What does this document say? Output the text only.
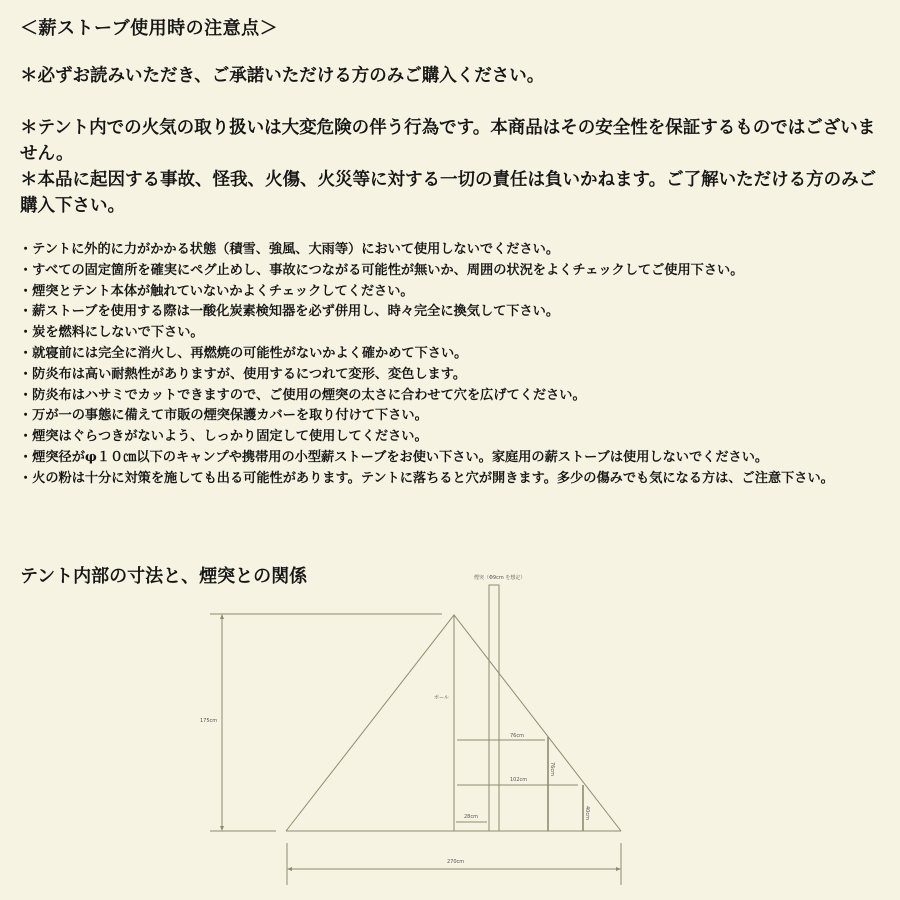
＜薪ストーブ使用時の注意点＞
＊必ずお読みいただき、ご承諾いただける方のみご購入ください。
＊テント内での火気の取り扱いは大変危険の伴う行為です。本商品はその安全性を保証するものではございません。
＊本品に起因する事故、怪我、火傷、火災等に対する一切の責任は負いかねます。ご了解いただける方のみご購入下さい。
・テントに外的に力がかかる状態（積雪、強風、大雨等）において使用しないでください。
・すべての固定箇所を確実にペグ止めし、事故につながる可能性が無いか、周囲の状況をよくチェックしてご使用下さい。
・煙突とテント本体が触れていないかよくチェックしてください。
・薪ストーブを使用する際は一酸化炭素検知器を必ず併用し、時々完全に換気して下さい。
・炭を燃料にしないで下さい。
・就寝前には完全に消火し、再燃焼の可能性がないかよく確かめて下さい。
・防炎布は高い耐熱性がありますが、使用するにつれて変形、変色します。
・防炎布はハサミでカットできますので、ご使用の煙突の太さに合わせて穴を広げてください。
・万が一の事態に備えて市販の煙突保護カバーを取り付けて下さい。
・煙突はぐらつきがないよう、しっかり固定して使用してください。
・煙突径がφ１０㎝以下のキャンプや携帯用の小型薪ストーブをお使い下さい。家庭用の薪ストーブは使用しないでください。
・火の粉は十分に対策を施しても出る可能性があります。テントに落ちると穴が開きます。多少の傷みでも気になる方は、ご注意下さい。
テント内部の寸法と、煙突との関係	煙突（Φ9cm を想定）
ポール
175cm
76cm
102cm
76cm
40cm
28cm
270cm
